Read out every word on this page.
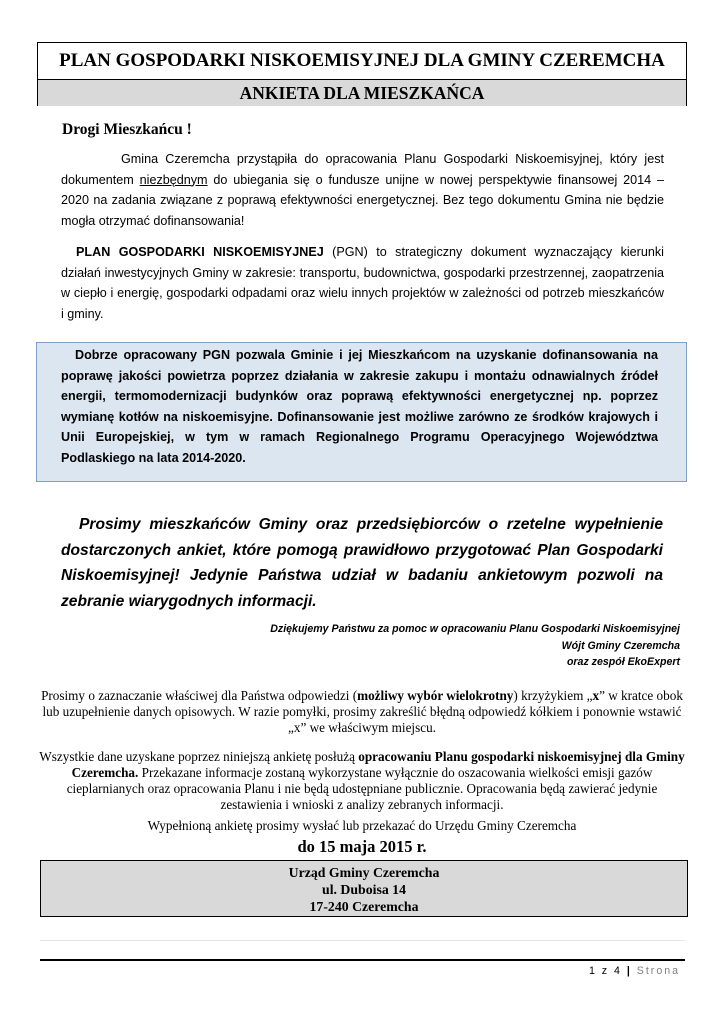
PLAN GOSPODARKI NISKOEMISYJNEJ DLA GMINY CZEREMCHA
ANKIETA DLA MIESZKAŃCA
Drogi Mieszkańcu !
Gmina Czeremcha przystąpiła do opracowania Planu Gospodarki Niskoemisyjnej, który jest dokumentem niezbędnym do ubiegania się o fundusze unijne w nowej perspektywie finansowej 2014 – 2020 na zadania związane z poprawą efektywności energetycznej. Bez tego dokumentu Gmina nie będzie mogła otrzymać dofinansowania!
PLAN GOSPODARKI NISKOEMISYJNEJ (PGN) to strategiczny dokument wyznaczający kierunki działań inwestycyjnych Gminy w zakresie: transportu, budownictwa, gospodarki przestrzennej, zaopatrzenia w ciepło i energię, gospodarki odpadami oraz wielu innych projektów w zależności od potrzeb mieszkańców i gminy.
Dobrze opracowany PGN pozwala Gminie i jej Mieszkańcom na uzyskanie dofinansowania na poprawę jakości powietrza poprzez działania w zakresie zakupu i montażu odnawialnych źródeł energii, termomodernizacji budynków oraz poprawą efektywności energetycznej np. poprzez wymianę kotłów na niskoemisyjne. Dofinansowanie jest możliwe zarówno ze środków krajowych i Unii Europejskiej, w tym w ramach Regionalnego Programu Operacyjnego Województwa Podlaskiego na lata 2014-2020.
Prosimy mieszkańców Gminy oraz przedsiębiorców o rzetelne wypełnienie dostarczonych ankiet, które pomogą prawidłowo przygotować Plan Gospodarki Niskoemisyjnej! Jedynie Państwa udział w badaniu ankietowym pozwoli na zebranie wiarygodnych informacji.
Dziękujemy Państwu za pomoc w opracowaniu Planu Gospodarki Niskoemisyjnej
Wójt Gminy Czeremcha
oraz zespół EkoExpert
Prosimy o zaznaczanie właściwej dla Państwa odpowiedzi (możliwy wybór wielokrotny) krzyżykiem „x” w kratce obok lub uzupełnienie danych opisowych. W razie pomyłki, prosimy zakreślić błędną odpowiedź kółkiem i ponownie wstawić „x” we właściwym miejscu.
Wszystkie dane uzyskane poprzez niniejszą ankietę posłużą opracowaniu Planu gospodarki niskoemisyjnej dla Gminy Czeremcha. Przekazane informacje zostaną wykorzystane wyłącznie do oszacowania wielkości emisji gazów cieplarnianych oraz opracowania Planu i nie będą udostępniane publicznie. Opracowania będą zawierać jedynie zestawienia i wnioski z analizy zebranych informacji.
Wypełnioną ankietę prosimy wysłać lub przekazać do Urzędu Gminy Czeremcha
do 15 maja 2015 r.
Urząd Gminy Czeremcha
ul. Duboisa 14
17-240 Czeremcha
1 z 4 | Strona
